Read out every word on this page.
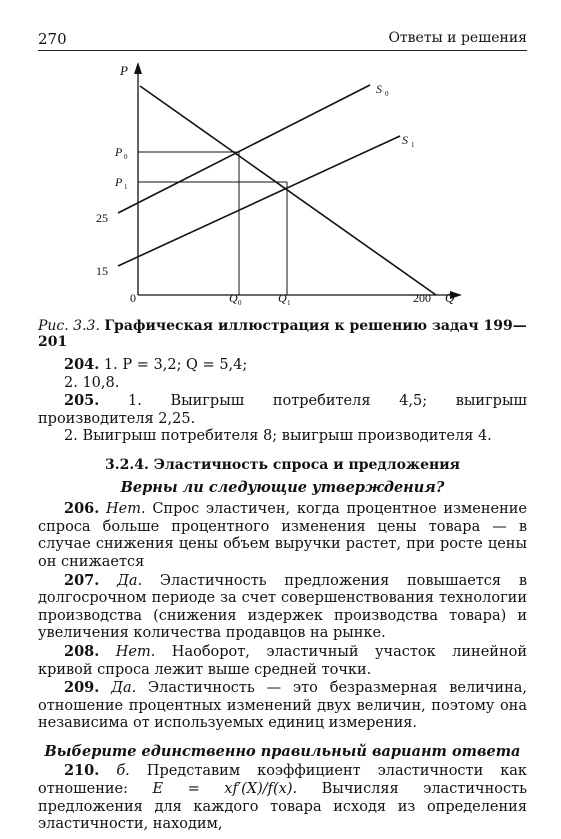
270	Ответы и решения
P
Q
0
P 0
P 1
25
15
Q 0	Q 1	200
S 0
S 1
Рис. 3.3. Графическая иллюстрация к решению задач 199—201

204. 1. P = 3,2; Q = 5,4;

2. 10,8.

205. 1. Выигрыш потребителя 4,5; выигрыш производителя 2,25.

2. Выигрыш потребителя 8; выигрыш производителя 4.

3.2.4. Эластичность спроса и предложения

Верны ли следующие утверждения?

206. Нет. Спрос эластичен, когда процентное изменение спроса больше процентного изменения цены товара — в случае снижения цены объем выручки растет, при росте цены он снижается

207. Да. Эластичность предложения повышается в долгосрочном периоде за счет совершенствования технологии производства (снижения издержек производства товара) и увеличения количества продавцов на рынке.

208. Нет. Наоборот, эластичный участок линейной кривой спроса лежит выше средней точки.

209. Да. Эластичность — это безразмерная величина, отношение процентных изменений двух величин, поэтому она независима от используемых единиц измерения.

Выберите единственно правильный вариант ответа

210. б. Представим коэффициент эластичности как отношение: E = xf′(X)/f(x). Вычисляя эластичность предложения для каждого товара исходя из определения эластичности, находим,
